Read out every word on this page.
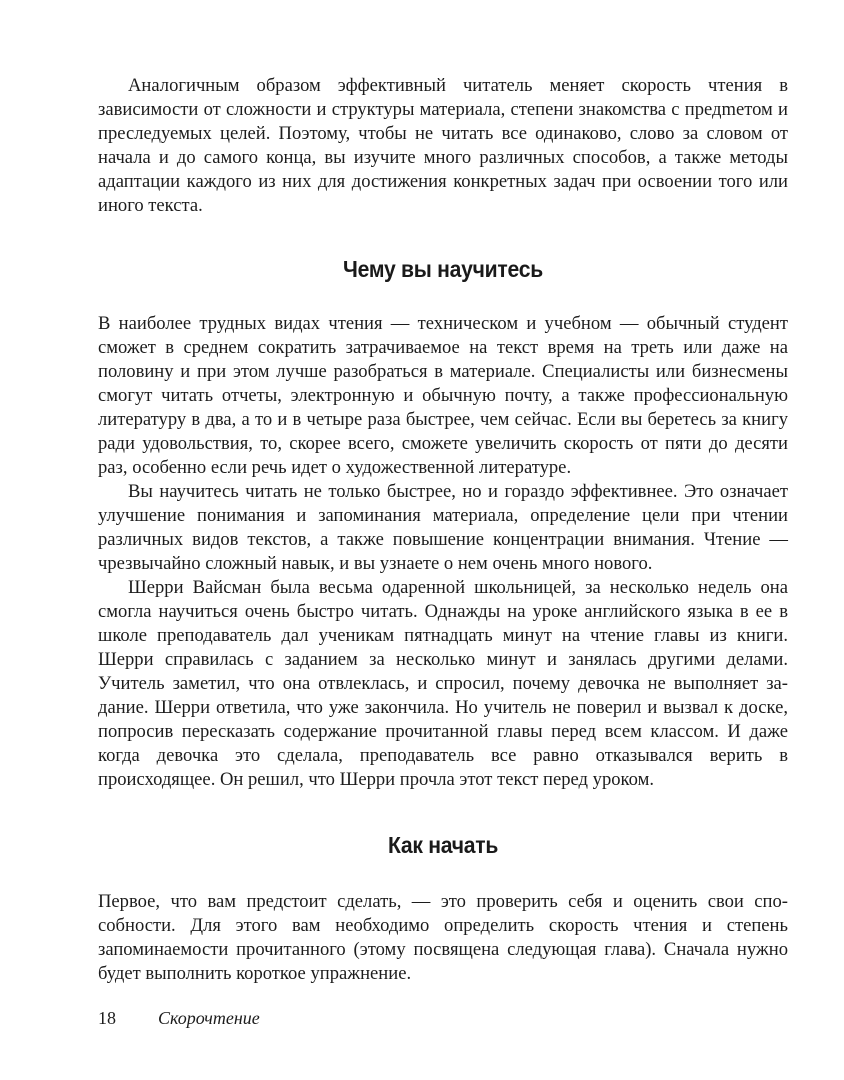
Аналогичным образом эффективный читатель меняет скорость чтения в зависимости от сложности и структуры материала, степени знакомства с предmетом и преследуемых целей. Поэтому, чтобы не читать все одинаково, слово за словом от начала и до самого конца, вы изучите много различных способов, а также методы адаптации каждого из них для достижения конкретных задач при освоении того или иного текста.

Чему вы научитесь

В наиболее трудных видах чтения — техническом и учебном — обычный студент сможет в среднем сократить затрачиваемое на текст время на треть или даже на половину и при этом лучше разобраться в материале. Специалисты или бизнесмены смогут читать отчеты, электронную и обычную почту, а также профессиональную литературу в два, а то и в четыре раза быстрее, чем сейчас. Если вы беретесь за книгу ради удовольствия, то, скорее всего, сможете увеличить скорость от пяти до десяти раз, особенно если речь идет о художественной литературе.

Вы научитесь читать не только быстрее, но и гораздо эффективнее. Это означает улучшение понимания и запоминания материала, определение цели при чтении различных видов текстов, а также повышение концентрации внимания. Чтение — чрезвычайно сложный навык, и вы узнаете о нем очень много нового.

Шерри Вайсман была весьма одаренной школьницей, за несколько недель она смогла научиться очень быстро читать. Однажды на уроке английского языка в ее в школе преподаватель дал ученикам пятнадцать минут на чтение главы из книги. Шерри справилась с заданием за несколько минут и занялась другими делами. Учитель заметил, что она отвлеклась, и спросил, почему девочка не выполняет задание. Шерри ответила, что уже закончила. Но учитель не поверил и вызвал к доске, попросив пересказать содержание прочитанной главы перед всем классом. И даже когда девочка это сделала, преподаватель все равно отказывался верить в происходящее. Он решил, что Шерри прочла этот текст перед уроком.

Как начать

Первое, что вам предстоит сделать, — это проверить себя и оценить свои способности. Для этого вам необходимо определить скорость чтения и степень запоминаемости прочитанного (этому посвящена следующая глава). Сначала нужно будет выполнить короткое упражнение.

18 Скорочтение
